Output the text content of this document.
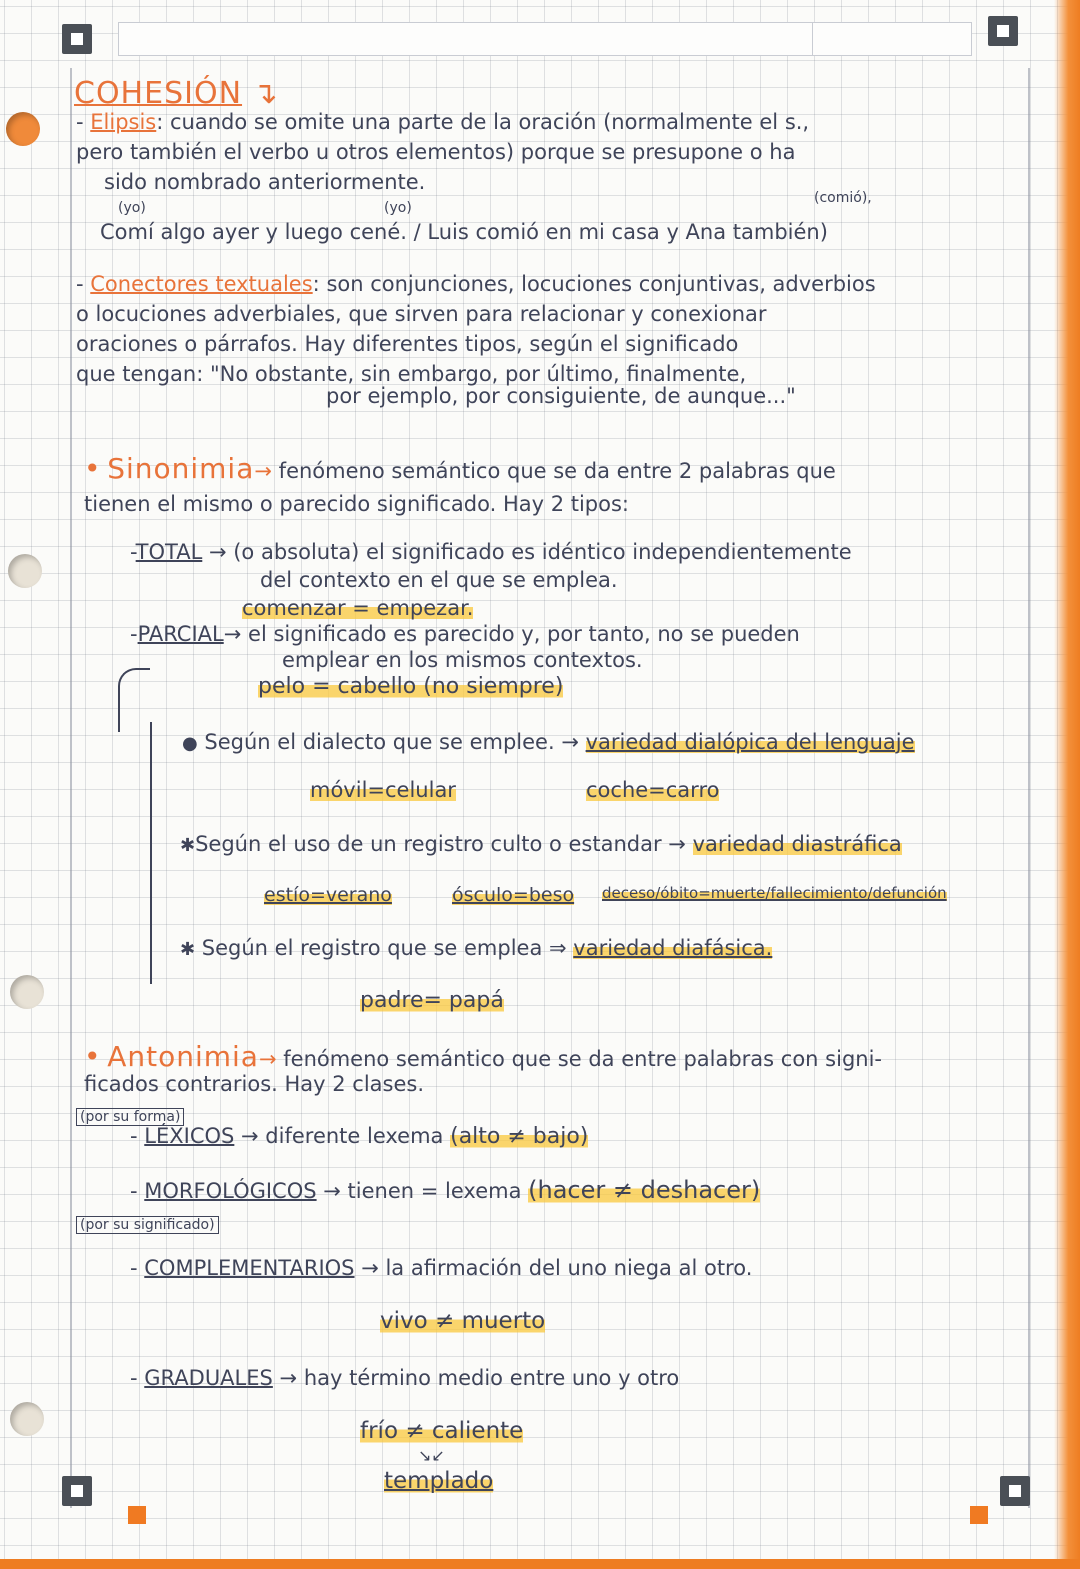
COHESIÓN ↴
- Elipsis: cuando se omite una parte de la oración (normalmente el s.,
pero también el verbo u otros elementos) porque se presupone o ha
sido nombrado anteriormente.
(yo)	(yo)
(comió),
Comí algo ayer y luego cené. / Luis comió en mi casa y Ana también)
- Conectores textuales: son conjunciones, locuciones conjuntivas, adverbios
o locuciones adverbiales, que sirven para relacionar y conexionar
oraciones o párrafos. Hay diferentes tipos, según el significado
que tengan: "No obstante, sin embargo, por último, finalmente,
por ejemplo, por consiguiente, de aunque..."
• Sinonimia→ fenómeno semántico que se da entre 2 palabras que
tienen el mismo o parecido significado. Hay 2 tipos:
-TOTAL → (o absoluta) el significado es idéntico independientemente
del contexto en el que se emplea.
comenzar = empezar.
-PARCIAL→ el significado es parecido y, por tanto, no se pueden
emplear en los mismos contextos.
pelo = cabello (no siempre)
● Según el dialecto que se emplee. → variedad dialópica del lenguaje
móvil=celular	coche=carro
✱Según el uso de un registro culto o estandar → variedad diastráfica
estío=verano	ósculo=beso deceso/óbito=muerte/fallecimiento/defunción
✱ Según el registro que se emplea ⇒ variedad diafásica.
padre= papá
• Antonimia→ fenómeno semántico que se da entre palabras con signi-
ficados contrarios. Hay 2 clases.
(por su forma)
- LÉXICOS → diferente lexema (alto ≠ bajo)
- MORFOLÓGICOS → tienen = lexema (hacer ≠ deshacer)
(por su significado)
- COMPLEMENTARIOS → la afirmación del uno niega al otro.
vivo ≠ muerto
- GRADUALES → hay término medio entre uno y otro
frío ≠ caliente
↘↙
templado
